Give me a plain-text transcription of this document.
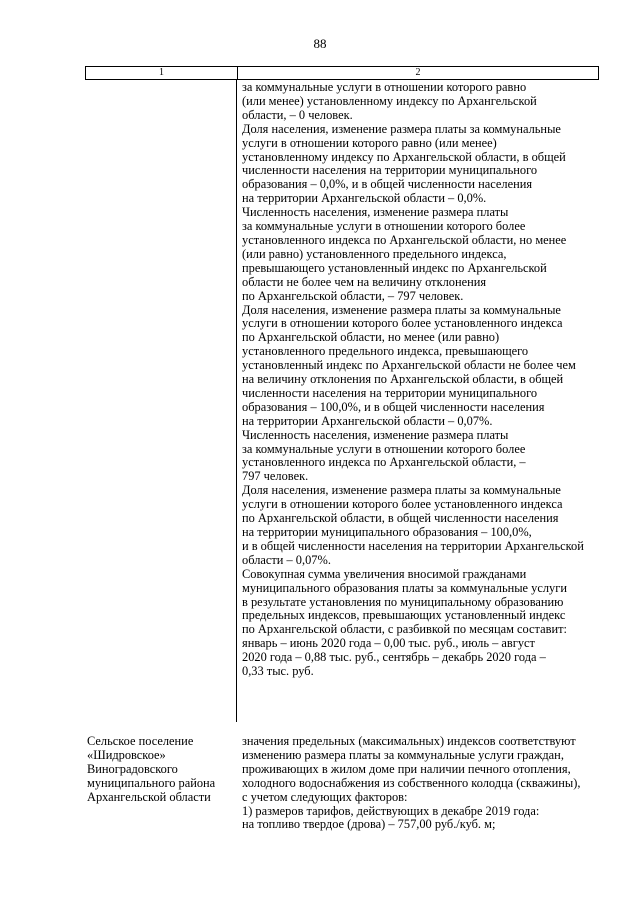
88
1	2
за коммунальные услуги в отношении которого равно
(или менее) установленному индексу по Архангельской
области, – 0 человек.
Доля населения, изменение размера платы за коммунальные
услуги в отношении которого равно (или менее)
установленному индексу по Архангельской области, в общей
численности населения на территории муниципального
образования – 0,0%, и в общей численности населения
на территории Архангельской области – 0,0%.
Численность населения, изменение размера платы
за коммунальные услуги в отношении которого более
установленного индекса по Архангельской области, но менее
(или равно) установленного предельного индекса,
превышающего установленный индекс по Архангельской
области не более чем на величину отклонения
по Архангельской области, – 797 человек.
Доля населения, изменение размера платы за коммунальные
услуги в отношении которого более установленного индекса
по Архангельской области, но менее (или равно)
установленного предельного индекса, превышающего
установленный индекс по Архангельской области не более чем
на величину отклонения по Архангельской области, в общей
численности населения на территории муниципального
образования – 100,0%, и в общей численности населения
на территории Архангельской области – 0,07%.
Численность населения, изменение размера платы
за коммунальные услуги в отношении которого более
установленного индекса по Архангельской области, –
797 человек.
Доля населения, изменение размера платы за коммунальные
услуги в отношении которого более установленного индекса
по Архангельской области, в общей численности населения
на территории муниципального образования – 100,0%,
и в общей численности населения на территории Архангельской
области – 0,07%.
Совокупная сумма увеличения вносимой гражданами
муниципального образования платы за коммунальные услуги
в результате установления по муниципальному образованию
предельных индексов, превышающих установленный индекс
по Архангельской области, с разбивкой по месяцам составит:
январь – июнь 2020 года – 0,00 тыс. руб., июль – август
2020 года – 0,88 тыс. руб., сентябрь – декабрь 2020 года –
0,33 тыс. руб.
Сельское поселение
«Шидровское»
Виноградовского
муниципального района
Архангельской области
значения предельных (максимальных) индексов соответствуют
изменению размера платы за коммунальные услуги граждан,
проживающих в жилом доме при наличии печного отопления,
холодного водоснабжения из собственного колодца (скважины),
с учетом следующих факторов:
1) размеров тарифов, действующих в декабре 2019 года:
на топливо твердое (дрова) – 757,00 руб./куб. м;
